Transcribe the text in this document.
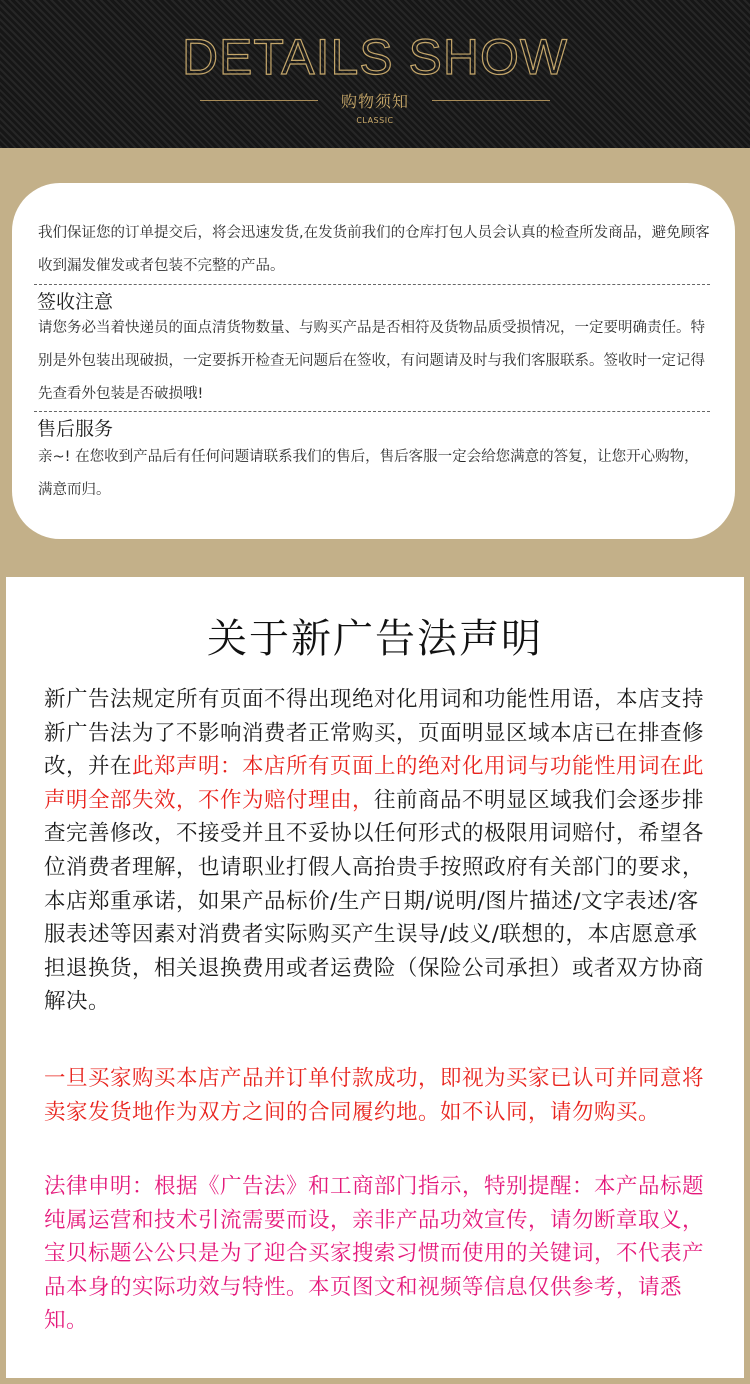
DETAILS SHOW
购物须知
CLASSIC

我们保证您的订单提交后，将会迅速发货,在发货前我们的仓库打包人员会认真的检查所发商品，避免顾客收到漏发催发或者包装不完整的产品。

签收注意

请您务必当着快递员的面点清货物数量、与购买产品是否相符及货物品质受损情况，一定要明确责任。特别是外包装出现破损，一定要拆开检查无问题后在签收，有问题请及时与我们客服联系。签收时一定记得先查看外包装是否破损哦!

售后服务

亲~! 在您收到产品后有任何问题请联系我们的售后，售后客服一定会给您满意的答复，让您开心购物，满意而归。

关于新广告法声明

新广告法规定所有页面不得出现绝对化用词和功能性用语，本店支持新广告法为了不影响消费者正常购买，页面明显区域本店已在排查修改，并在此郑声明：本店所有页面上的绝对化用词与功能性用词在此声明全部失效，不作为赔付理由，往前商品不明显区域我们会逐步排查完善修改，不接受并且不妥协以任何形式的极限用词赔付，希望各位消费者理解，也请职业打假人高抬贵手按照政府有关部门的要求，本店郑重承诺，如果产品标价/生产日期/说明/图片描述/文字表述/客服表述等因素对消费者实际购买产生误导/歧义/联想的，本店愿意承担退换货，相关退换费用或者运费险（保险公司承担）或者双方协商解决。

一旦买家购买本店产品并订单付款成功，即视为买家已认可并同意将卖家发货地作为双方之间的合同履约地。如不认同，请勿购买。

法律申明：根据《广告法》和工商部门指示，特别提醒：本产品标题纯属运营和技术引流需要而设，亲非产品功效宣传，请勿断章取义，宝贝标题公公只是为了迎合买家搜索习惯而使用的关键词，不代表产品本身的实际功效与特性。本页图文和视频等信息仅供参考，请悉知。
